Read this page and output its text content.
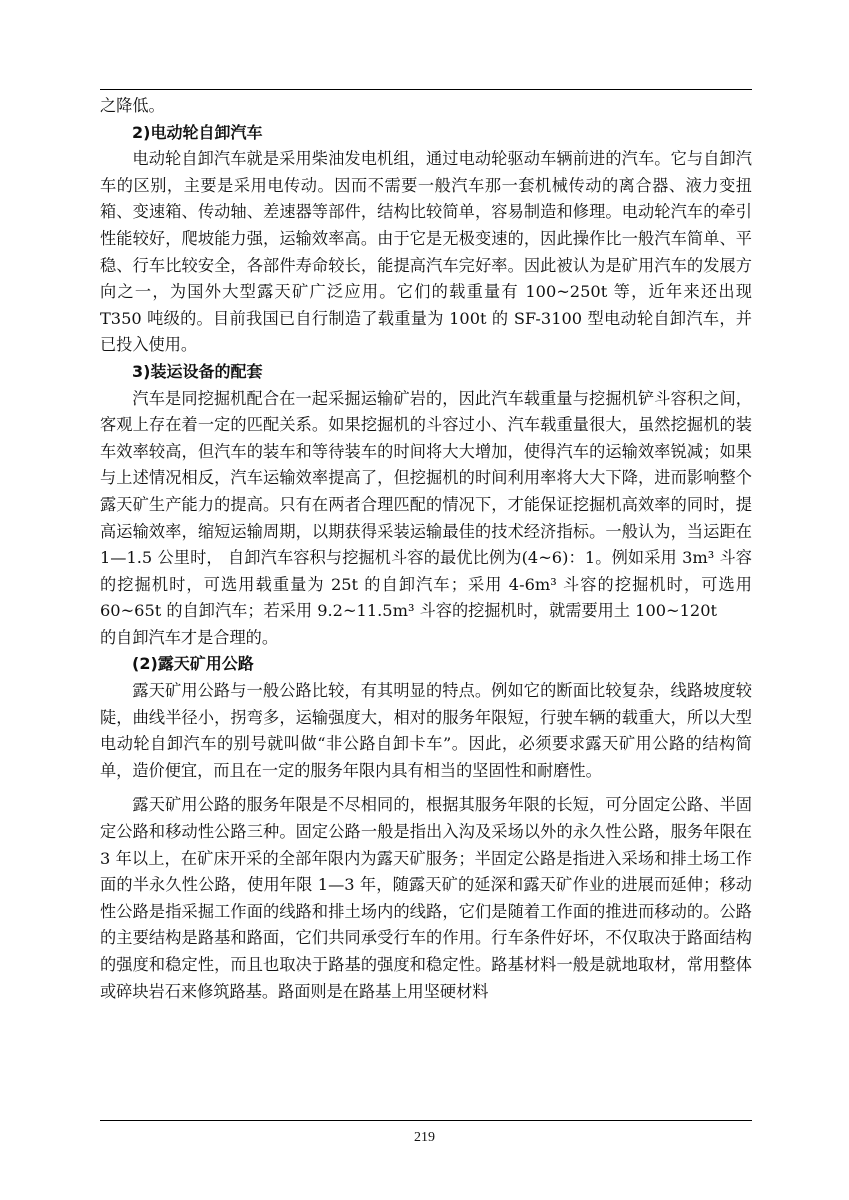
之降低。

2)电动轮自卸汽车

电动轮自卸汽车就是采用柴油发电机组，通过电动轮驱动车辆前进的汽车。它与自卸汽车的区别，主要是采用电传动。因而不需要一般汽车那一套机械传动的离合器、液力变扭箱、变速箱、传动轴、差速器等部件，结构比较简单，容易制造和修理。电动轮汽车的牵引性能较好，爬坡能力强，运输效率高。由于它是无极变速的，因此操作比一般汽车简单、平稳、行车比较安全，各部件寿命较长，能提高汽车完好率。因此被认为是矿用汽车的发展方向之一，为国外大型露天矿广泛应用。它们的载重量有 100~250t 等，近年来还出现 T350 吨级的。目前我国已自行制造了载重量为 100t 的 SF-3100 型电动轮自卸汽车，并已投入使用。

3)装运设备的配套

汽车是同挖掘机配合在一起采掘运输矿岩的，因此汽车载重量与挖掘机铲斗容积之间，客观上存在着一定的匹配关系。如果挖掘机的斗容过小、汽车载重量很大，虽然挖掘机的装车效率较高，但汽车的装车和等待装车的时间将大大增加，使得汽车的运输效率锐减；如果与上述情况相反，汽车运输效率提高了，但挖掘机的时间利用率将大大下降，进而影响整个露天矿生产能力的提高。只有在两者合理匹配的情况下，才能保证挖掘机高效率的同时，提高运输效率，缩短运输周期，以期获得采装运输最佳的技术经济指标。一般认为，当运距在 1—1.5 公里时， 自卸汽车容积与挖掘机斗容的最优比例为(4~6)：1。例如采用 3m³ 斗容的挖掘机时，可选用载重量为 25t 的自卸汽车；采用 4-6m³ 斗容的挖掘机时，可选用 60~65t 的自卸汽车；若采用 9.2~11.5m³ 斗容的挖掘机时，就需要用土 100~120t

的自卸汽车才是合理的。

(2)露天矿用公路

露天矿用公路与一般公路比较，有其明显的特点。例如它的断面比较复杂，线路坡度较陡，曲线半径小，拐弯多，运输强度大，相对的服务年限短，行驶车辆的载重大，所以大型电动轮自卸汽车的别号就叫做“非公路自卸卡车”。因此，必须要求露天矿用公路的结构简单，造价便宜，而且在一定的服务年限内具有相当的坚固性和耐磨性。

露天矿用公路的服务年限是不尽相同的，根据其服务年限的长短，可分固定公路、半固定公路和移动性公路三种。固定公路一般是指出入沟及采场以外的永久性公路，服务年限在 3 年以上，在矿床开采的全部年限内为露天矿服务；半固定公路是指进入采场和排土场工作面的半永久性公路，使用年限 1—3 年，随露天矿的延深和露天矿作业的进展而延伸；移动性公路是指采掘工作面的线路和排土场内的线路，它们是随着工作面的推进而移动的。公路的主要结构是路基和路面，它们共同承受行车的作用。行车条件好坏，不仅取决于路面结构的强度和稳定性，而且也取决于路基的强度和稳定性。路基材料一般是就地取材，常用整体或碎块岩石来修筑路基。路面则是在路基上用坚硬材料

219
